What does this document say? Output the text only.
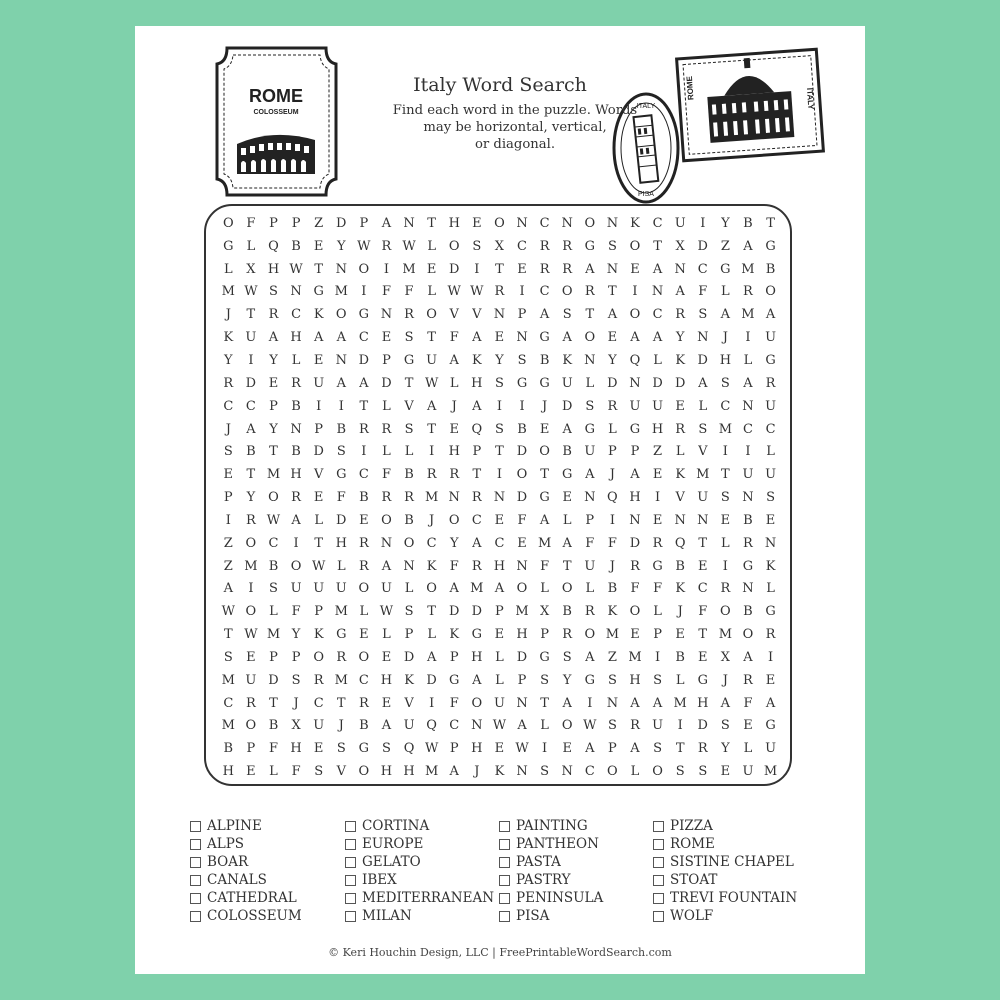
ROME
COLOSSEUM
ITALY
PISA
ROME	ITALY
Italy Word Search
Find each word in the puzzle. Words
may be horizontal, vertical,
or diagonal.
O F	P	P	Z D	P	A N T H E O N C N O N K C U	I	Y	B	T
G	L Q B	E	Y W R W L O S	X C R R G S O T	X D Z	A G
L	X H W T N O	I	M E D	I	T	E R R	A N E	A N C G M B
M W S N G M	I	F	F	L W W R	I	C O R	T	I	N A	F	L	R O
J	T	R C K O G N R O V	V N P	A	S	T	A O C R	S	A M A
K U A H A	A C E	S	T	F	A	E N G A O E	A	A	Y N	J	I	U
Y	I	Y	L	E N D	P	G U A	K	Y	S	B K N Y Q L	K D H L	G
R D E R U A	A D	T W L H S G G U L	D N D D A	S	A	R
C C	P	B	I	I	T	L	V	A	J	A	I	I	J	D S	R U U E	L	C N U
J	A	Y N P	B R R	S	T	E Q S	B	E	A G	L	G H R	S M C C
S	B	T	B D S	I	L	L	I	H P	T	D O B U P	P	Z	L	V	I	I	L
E	T M H V G C	F	B R R	T	I	O T	G A	J	A	E K M T U U
P	Y O R E	F	B R R M N R N D G E N Q H	I	V U S N S
I	R W A	L	D E O B	J	O C E	F	A	L	P	I	N E N N E	B	E
Z O C	I	T H R N O C	Y	A C E M A	F	F D R Q T	L	R N
Z M B O W L	R	A N K	F	R H N F	T U	J	R G B	E	I	G K
A	I	S U U U O U L O A M A O L O L	B	F	F	K C R N L
W O L	F	P M L W S	T	D D	P M X	B R K O L	J	F O B G
T W M Y	K G E	L	P	L	K G E H P	R O M E	P	E	T M O R
S	E	P	P O R O E D A	P H L	D G S	A	Z M	I	B	E	X	A	I
M U D S	R M C H K D G A	L	P	S	Y	G S H S	L	G	J	R E
C R	T	J	C	T	R E	V	I	F O U N T	A	I	N A	A M H A	F	A
M O B	X U	J	B	A U Q C N W A	L O W S	R U	I	D S	E G
B	P	F H E	S G S Q W P H E W	I	E	A	P	A	S	T	R	Y	L U
H E	L	F	S	V O H H M A	J	K N S N C O L O S	S	E U M
ALPINE
ALPS
BOAR
CANALS
CATHEDRAL
COLOSSEUM
CORTINA
EUROPE
GELATO
IBEX
MEDITERRANEAN
MILAN
PAINTING
PANTHEON
PASTA
PASTRY
PENINSULA
PISA
PIZZA
ROME
SISTINE CHAPEL
STOAT
TREVI FOUNTAIN
WOLF
© Keri Houchin Design, LLC | FreePrintableWordSearch.com
